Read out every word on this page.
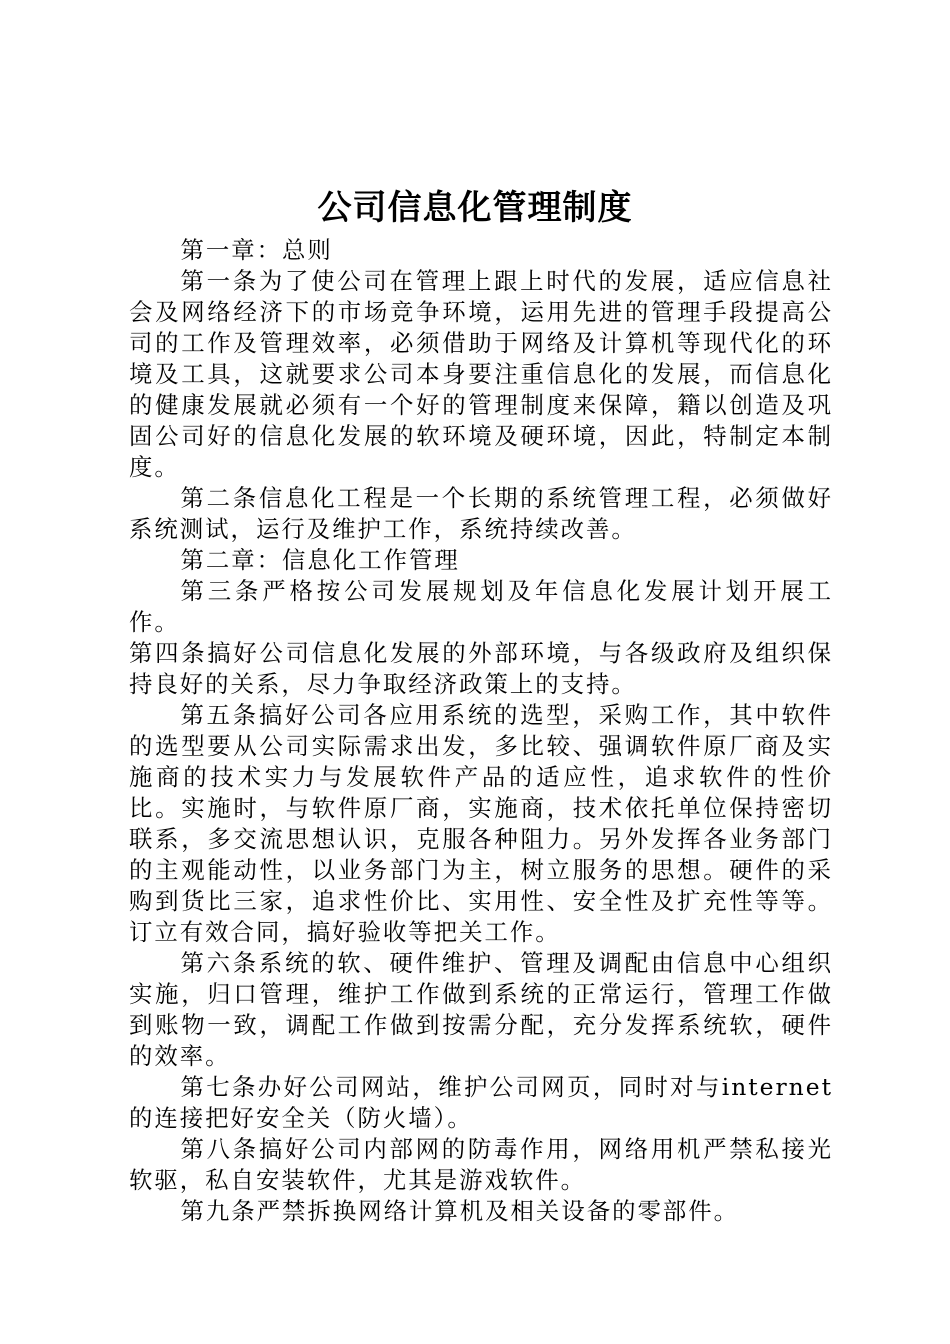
公司信息化管理制度

第一章：总则

第一条为了使公司在管理上跟上时代的发展，适应信息社会及网络经济下的市场竞争环境，运用先进的管理手段提高公司的工作及管理效率，必须借助于网络及计算机等现代化的环境及工具，这就要求公司本身要注重信息化的发展，而信息化的健康发展就必须有一个好的管理制度来保障，籍以创造及巩固公司好的信息化发展的软环境及硬环境，因此，特制定本制度。

第二条信息化工程是一个长期的系统管理工程，必须做好系统测试，运行及维护工作，系统持续改善。

第二章：信息化工作管理

第三条严格按公司发展规划及年信息化发展计划开展工作。

第四条搞好公司信息化发展的外部环境，与各级政府及组织保持良好的关系，尽力争取经济政策上的支持。

第五条搞好公司各应用系统的选型，采购工作，其中软件的选型要从公司实际需求出发，多比较、强调软件原厂商及实施商的技术实力与发展软件产品的适应性，追求软件的性价比。实施时，与软件原厂商，实施商，技术依托单位保持密切联系，多交流思想认识，克服各种阻力。另外发挥各业务部门的主观能动性，以业务部门为主，树立服务的思想。硬件的采购到货比三家，追求性价比、实用性、安全性及扩充性等等。订立有效合同，搞好验收等把关工作。

第六条系统的软、硬件维护、管理及调配由信息中心组织实施，归口管理，维护工作做到系统的正常运行，管理工作做到账物一致，调配工作做到按需分配，充分发挥系统软，硬件的效率。

第七条办好公司网站，维护公司网页，同时对与internet的连接把好安全关（防火墙）。

第八条搞好公司内部网的防毒作用，网络用机严禁私接光软驱，私自安装软件，尤其是游戏软件。

第九条严禁拆换网络计算机及相关设备的零部件。
